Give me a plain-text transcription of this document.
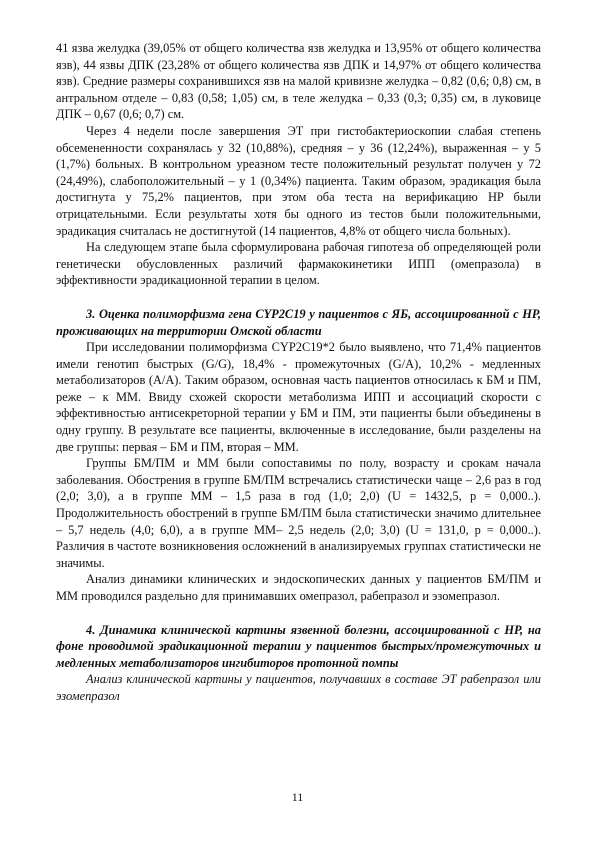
41 язва желудка (39,05% от общего количества язв желудка и 13,95% от общего количества язв), 44 язвы ДПК (23,28% от общего количества язв ДПК и 14,97% от общего количества язв). Средние размеры сохранившихся язв на малой кривизне желудка – 0,82 (0,6; 0,8) см, в антральном отделе – 0,83 (0,58; 1,05) см, в теле желудка – 0,33 (0,3; 0,35) см, в луковице ДПК – 0,67 (0,6; 0,7) см.

Через 4 недели после завершения ЭТ при гистобактериоскопии слабая степень обсемененности сохранялась у 32 (10,88%), средняя – у 36 (12,24%), выраженная – у 5 (1,7%) больных. В контрольном уреазном тесте положительный результат получен у 72 (24,49%), слабоположительный – у 1 (0,34%) пациента. Таким образом, эрадикация была достигнута у 75,2% пациентов, при этом оба теста на верификацию HP были отрицательными. Если результаты хотя бы одного из тестов были положительными, эрадикация считалась не достигнутой (14 пациентов, 4,8% от общего числа больных).

На следующем этапе была сформулирована рабочая гипотеза об определяющей роли генетически обусловленных различий фармакокинетики ИПП (омепразола) в эффективности эрадикационной терапии в целом.

3. Оценка полиморфизма гена CYP2C19 у пациентов с ЯБ, ассоциированной с HP, проживающих на территории Омской области

При исследовании полиморфизма CYP2C19*2 было выявлено, что 71,4% пациентов имели генотип быстрых (G/G), 18,4% - промежуточных (G/A), 10,2% - медленных метаболизаторов (A/A). Таким образом, основная часть пациентов относилась к БМ и ПМ, реже – к ММ. Ввиду схожей скорости метаболизма ИПП и ассоциаций скорости с эффективностью антисекреторной терапии у БМ и ПМ, эти пациенты были объединены в одну группу. В результате все пациенты, включенные в исследование, были разделены на две группы: первая – БМ и ПМ, вторая – ММ.

Группы БМ/ПМ и ММ были сопоставимы по полу, возрасту и срокам начала заболевания. Обострения в группе БМ/ПМ встречались статистически чаще – 2,6 раз в год (2,0; 3,0), а в группе ММ – 1,5 раза в год (1,0; 2,0) (U = 1432,5, p = 0,000..). Продолжительность обострений в группе БМ/ПМ была статистически значимо длительнее – 5,7 недель (4,0; 6,0), а в группе ММ– 2,5 недель (2,0; 3,0) (U = 131,0, p = 0,000..). Различия в частоте возникновения осложнений в анализируемых группах статистически не значимы.

Анализ динамики клинических и эндоскопических данных у пациентов БМ/ПМ и ММ проводился раздельно для принимавших омепразол, рабепразол и эзомепразол.

4. Динамика клинической картины язвенной болезни, ассоциированной с HP, на фоне проводимой эрадикационной терапии у пациентов быстрых/промежуточных и медленных метаболизаторов ингибиторов протонной помпы

Анализ клинической картины у пациентов, получавших в составе ЭТ рабепразол или эзомепразол

11
